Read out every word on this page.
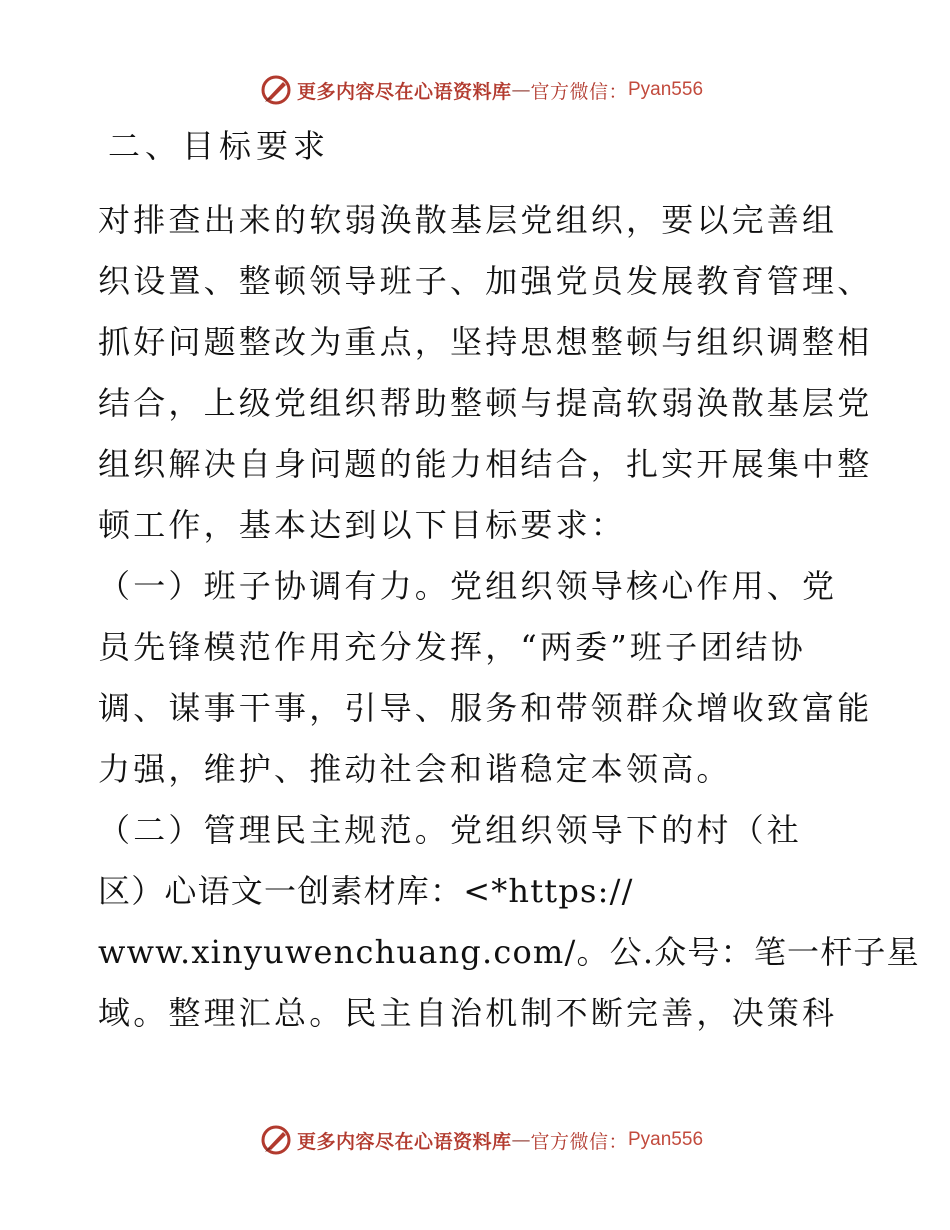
更多内容尽在心语资料库 — 官方微信： Pyan556
二、目标要求
对排查出来的软弱涣散基层党组织，要以完善组
织设置、整顿领导班子、加强党员发展教育管理、
抓好问题整改为重点，坚持思想整顿与组织调整相
结合，上级党组织帮助整顿与提高软弱涣散基层党
组织解决自身问题的能力相结合，扎实开展集中整
顿工作，基本达到以下目标要求：
（一）班子协调有力。党组织领导核心作用、党
员先锋模范作用充分发挥，“两委”班子团结协
调、谋事干事，引导、服务和带领群众增收致富能
力强，维护、推动社会和谐稳定本领高。
（二）管理民主规范。党组织领导下的村（社
区）心语文一创素材库：<*https://
www.xinyuwenchuang.com/。公.众号：笔一杆子星
域。整理汇总。民主自治机制不断完善，决策科
更多内容尽在心语资料库 — 官方微信： Pyan556
